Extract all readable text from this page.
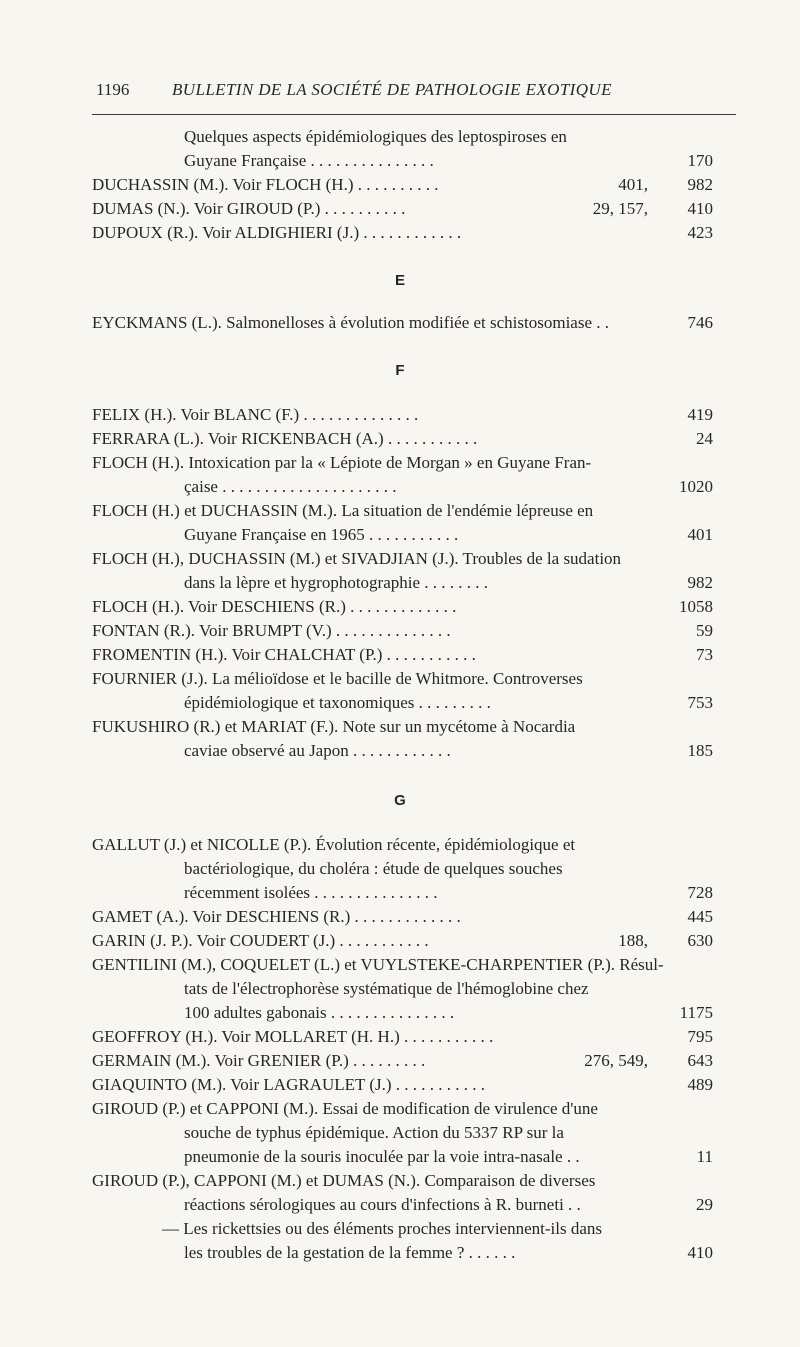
1196	BULLETIN DE LA SOCIÉTÉ DE PATHOLOGIE EXOTIQUE
Quelques aspects épidémiologiques des leptospiroses en
Guyane Française . . . . . . . . . . . . . . .	170
DUCHASSIN (M.). Voir FLOCH (H.) . . . . . . . . . .	401, 982
DUMAS (N.). Voir GIROUD (P.) . . . . . . . . . .	29, 157, 410
DUPOUX (R.). Voir ALDIGHIERI (J.) . . . . . . . . . . . .	423
E
EYCKMANS (L.). Salmonelloses à évolution modifiée et schistosomiase . .	746
F
FELIX (H.). Voir BLANC (F.) . . . . . . . . . . . . . .	419
FERRARA (L.). Voir RICKENBACH (A.) . . . . . . . . . . .	24
FLOCH (H.). Intoxication par la « Lépiote de Morgan » en Guyane Fran-
çaise . . . . . . . . . . . . . . . . . . . . .	1020
FLOCH (H.) et DUCHASSIN (M.). La situation de l'endémie lépreuse en
Guyane Française en 1965 . . . . . . . . . . .	401
FLOCH (H.), DUCHASSIN (M.) et SIVADJIAN (J.). Troubles de la sudation
dans la lèpre et hygrophotographie . . . . . . . .	982
FLOCH (H.). Voir DESCHIENS (R.) . . . . . . . . . . . . .	1058
FONTAN (R.). Voir BRUMPT (V.) . . . . . . . . . . . . . .	59
FROMENTIN (H.). Voir CHALCHAT (P.) . . . . . . . . . . .	73
FOURNIER (J.). La mélioïdose et le bacille de Whitmore. Controverses
épidémiologique et taxonomiques . . . . . . . . .	753
FUKUSHIRO (R.) et MARIAT (F.). Note sur un mycétome à Nocardia
caviae observé au Japon . . . . . . . . . . . .	185
G
GALLUT (J.) et NICOLLE (P.). Évolution récente, épidémiologique et
bactériologique, du choléra : étude de quelques souches
récemment isolées . . . . . . . . . . . . . . .	728
GAMET (A.). Voir DESCHIENS (R.) . . . . . . . . . . . . .	445
GARIN (J. P.). Voir COUDERT (J.) . . . . . . . . . . .	188, 630
GENTILINI (M.), COQUELET (L.) et VUYLSTEKE-CHARPENTIER (P.). Résul-
tats de l'électrophorèse systématique de l'hémoglobine chez
100 adultes gabonais . . . . . . . . . . . . . . .	1175
GEOFFROY (H.). Voir MOLLARET (H. H.) . . . . . . . . . . .	795
GERMAIN (M.). Voir GRENIER (P.) . . . . . . . . .	276, 549, 643
GIAQUINTO (M.). Voir LAGRAULET (J.) . . . . . . . . . . .	489
GIROUD (P.) et CAPPONI (M.). Essai de modification de virulence d'une
souche de typhus épidémique. Action du 5337 RP sur la
pneumonie de la souris inoculée par la voie intra-nasale . .	11
GIROUD (P.), CAPPONI (M.) et DUMAS (N.). Comparaison de diverses
réactions sérologiques au cours d'infections à R. burneti . .	29
— Les rickettsies ou des éléments proches interviennent-ils dans
les troubles de la gestation de la femme ? . . . . . .	410
